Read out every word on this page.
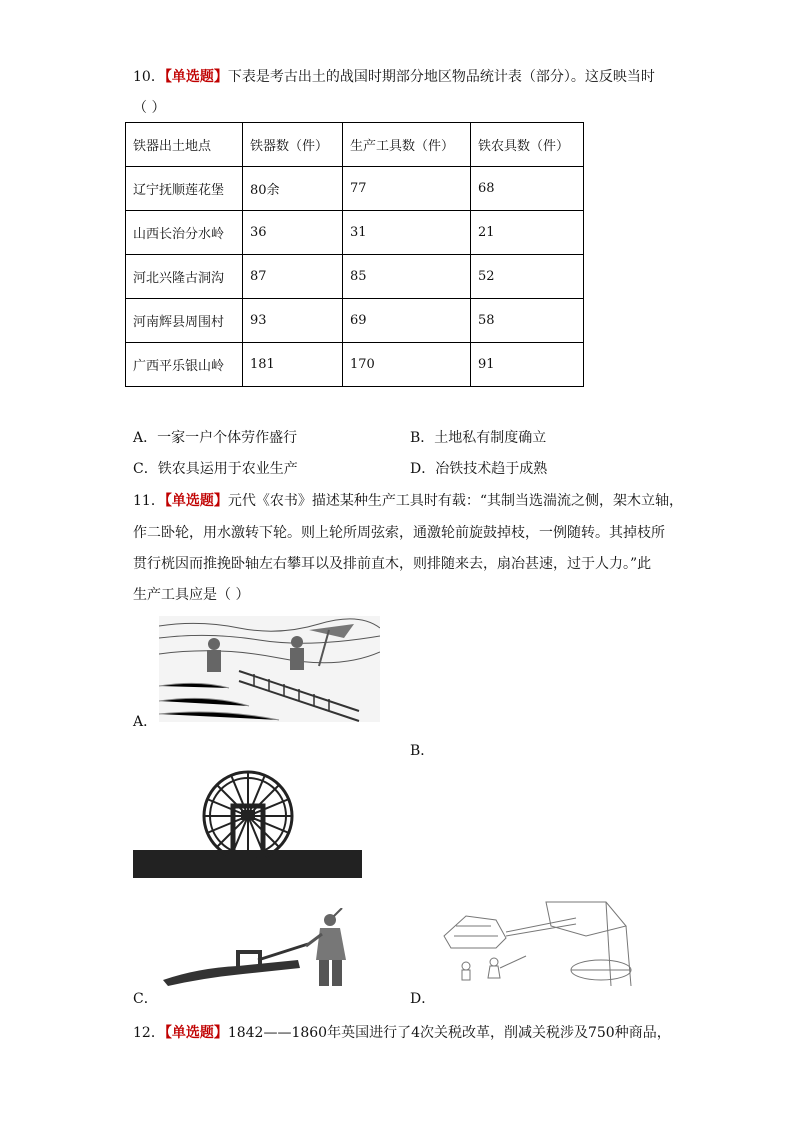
10．【单选题】下表是考古出土的战国时期部分地区物品统计表（部分）。这反映当时
（ ）
铁器出土地点	铁器数（件）	生产工具数（件）	铁农具数（件）
辽宁抚顺莲花堡	80余	77	68
山西长治分水岭	36	31	21
河北兴隆古洞沟	87	85	52
河南辉县周围村	93	69	58
广西平乐银山岭	181	170	91
A．一家一户个体劳作盛行	B．土地私有制度确立
C．铁农具运用于农业生产	D．冶铁技术趋于成熟
11．【单选题】元代《农书》描述某种生产工具时有载：“其制当选湍流之侧，架木立轴，
作二卧轮，用水激转下轮。则上轮所周弦索，通激轮前旋鼓掉枝，一例随转。其掉枝所
贯行桄因而推挽卧轴左右攀耳以及排前直木，则排随来去，扇冶甚速，过于人力。”此
生产工具应是（ ）
A．
B．
C．	D．
12．【单选题】1842——1860年英国进行了4次关税改革，削减关税涉及750种商品，
